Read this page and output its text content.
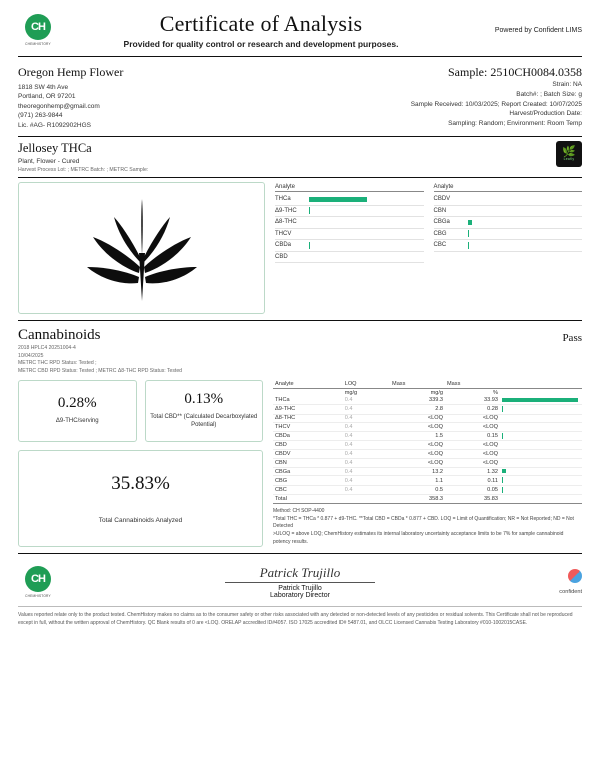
CH
CHEMHISTORY
Certificate of Analysis
Provided for quality control or research and development purposes.
Powered by Confident LIMS
Oregon Hemp Flower
1818 SW 4th Ave
Portland, OR 97201
theoregonhemp@gmail.com
(971) 263-9844
Lic. #AG- R1092902HGS
Sample: 2510CH0084.0358
Strain: NA
Batch#: ; Batch Size: g
Sample Received: 10/03/2025; Report Created: 10/07/2025
Harvest/Production Date:
Sampling: Random; Environment: Room Temp
Jellosey THCa
Plant, Flower - Cured
Harvest Process Lot: ; METRC Batch: ; METRC Sample:
🌿
Leafly
Analyte
THCa
Δ9-THC
Δ8-THC
THCV
CBDa
CBD
Analyte
CBDV
CBN
CBGa
CBG
CBC
Cannabinoids	Pass
2018 HPLC4 20251004-4
10/04/2025
METRC THC RPD Status: Tested ;
METRC CBD RPD Status: Tested ; METRC Δ8-THC RPD Status: Tested
0.28%
Δ9-THC/serving
0.13%
Total CBD** (Calculated Decarboxylated Potential)
35.83%
Total Cannabinoids Analyzed
Analyte	LOQ	Mass	Mass	
	mg/g	mg/g	%	
THCa	0.4	339.3	33.93	
Δ9-THC	0.4	2.8	0.28	
Δ8-THC	0.4	<LOQ	<LOQ	
THCV	0.4	<LOQ	<LOQ	
CBDa	0.4	1.5	0.15	
CBD	0.4	<LOQ	<LOQ	
CBDV	0.4	<LOQ	<LOQ	
CBN	0.4	<LOQ	<LOQ	
CBGa	0.4	13.2	1.32	
CBG	0.4	1.1	0.11	
CBC	0.4	0.5	0.05	
Total		358.3	35.83	
Method: CH SOP-4400
*Total THC = THCa * 0.877 + d9-THC. **Total CBD = CBDa * 0.877 + CBD. LOQ = Limit of Quantification; NR = Not Reported; ND = Not Detected
>ULOQ = above LOQ; ChemHistory estimates its internal laboratory uncertainty acceptance limits to be 7% for sample cannabinoid potency results.
CH
CHEMHISTORY
Patrick Trujillo
Patrick Trujillo
Laboratory Director	confident
Values reported relate only to the product tested. ChemHistory makes no claims as to the consumer safety or other risks associated with any detected or non-detected levels of any pesticides or residual solvents. This Certificate shall not be reproduced except in full, without the written approval of ChemHistory. QC Blank results of 0 are <LOQ. ORELAP accredited ID#4057. ISO 17025 accredited ID# 5487.01, and OLCC Licensed Cannabis Testing Laboratory #010-1002015CASE.
